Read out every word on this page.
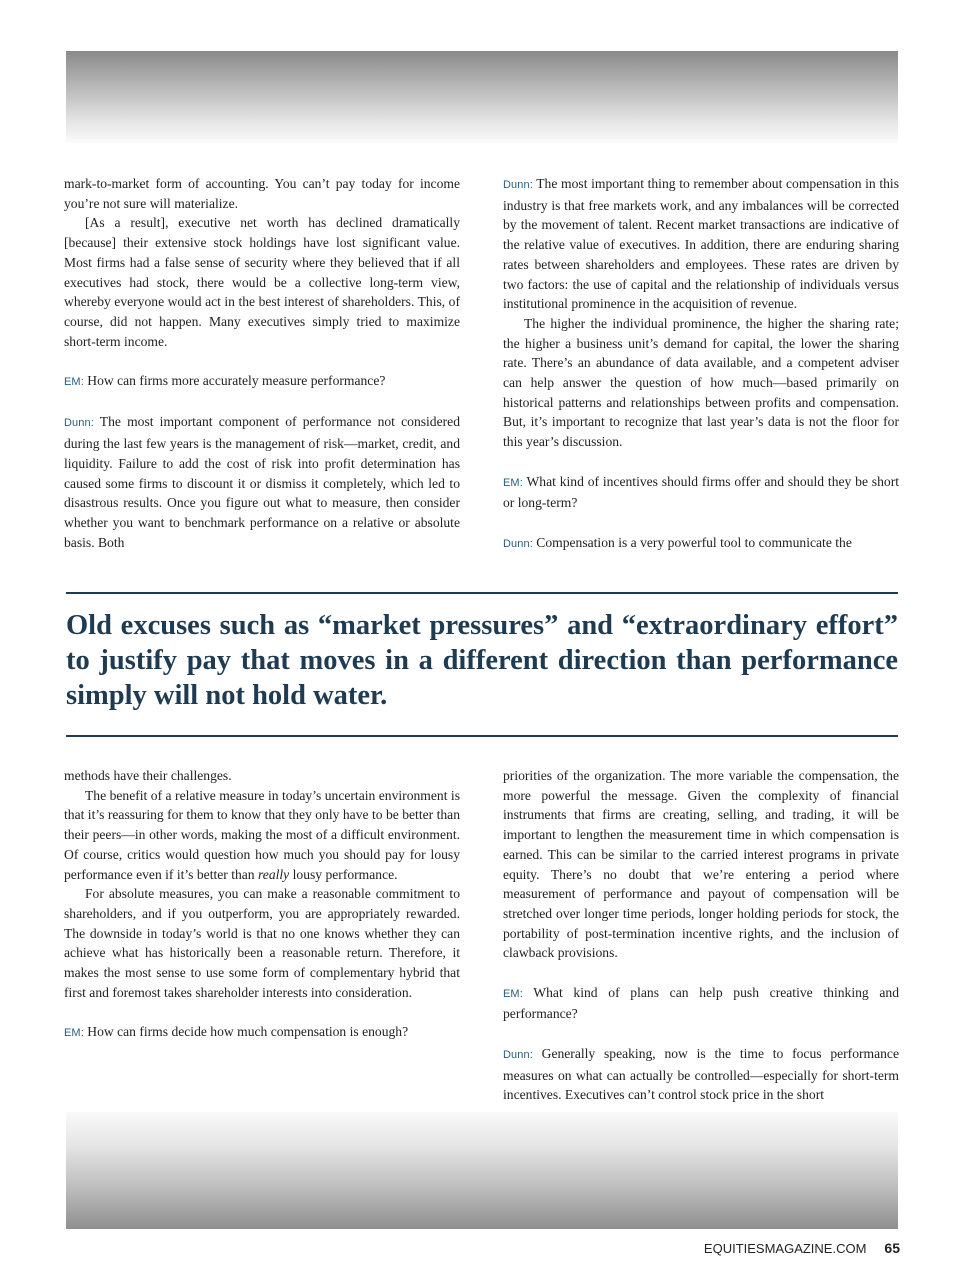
mark-to-market form of accounting. You can’t pay today for income you’re not sure will materialize.

[As a result], executive net worth has declined dramatically [because] their extensive stock holdings have lost significant value. Most firms had a false sense of security where they believed that if all executives had stock, there would be a collective long-term view, whereby everyone would act in the best interest of shareholders. This, of course, did not happen. Many executives simply tried to maximize short-term income.

EM: How can firms more accurately measure performance?

Dunn: The most important component of performance not considered during the last few years is the management of risk—market, credit, and liquidity. Failure to add the cost of risk into profit determination has caused some firms to discount it or dismiss it completely, which led to disastrous results. Once you figure out what to measure, then consider whether you want to benchmark performance on a relative or absolute basis. Both

Dunn: The most important thing to remember about compensation in this industry is that free markets work, and any imbalances will be corrected by the movement of talent. Recent market transactions are indicative of the relative value of executives. In addition, there are enduring sharing rates between shareholders and employees. These rates are driven by two factors: the use of capital and the relationship of individuals versus institutional prominence in the acquisition of revenue.

The higher the individual prominence, the higher the sharing rate; the higher a business unit’s demand for capital, the lower the sharing rate. There’s an abundance of data available, and a competent adviser can help answer the question of how much—based primarily on historical patterns and relationships between profits and compensation. But, it’s important to recognize that last year’s data is not the floor for this year’s discussion.

EM: What kind of incentives should firms offer and should they be short or long-term?

Dunn: Compensation is a very powerful tool to communicate the

Old excuses such as “market pressures” and “extraordinary effort” to justify pay that moves in a different direction than performance simply will not hold water.

methods have their challenges.

The benefit of a relative measure in today’s uncertain environment is that it’s reassuring for them to know that they only have to be better than their peers—in other words, making the most of a difficult environment. Of course, critics would question how much you should pay for lousy performance even if it’s better than really lousy performance.

For absolute measures, you can make a reasonable commitment to shareholders, and if you outperform, you are appropriately rewarded. The downside in today’s world is that no one knows whether they can achieve what has historically been a reasonable return. Therefore, it makes the most sense to use some form of complementary hybrid that first and foremost takes shareholder interests into consideration.

EM: How can firms decide how much compensation is enough?

priorities of the organization. The more variable the compensation, the more powerful the message. Given the complexity of financial instruments that firms are creating, selling, and trading, it will be important to lengthen the measurement time in which compensation is earned. This can be similar to the carried interest programs in private equity. There’s no doubt that we’re entering a period where measurement of performance and payout of compensation will be stretched over longer time periods, longer holding periods for stock, the portability of post-termination incentive rights, and the inclusion of clawback provisions.

EM: What kind of plans can help push creative thinking and performance?

Dunn: Generally speaking, now is the time to focus performance measures on what can actually be controlled—especially for short-term incentives. Executives can’t control stock price in the short

EQUITIESMAGAZINE.COM 65
